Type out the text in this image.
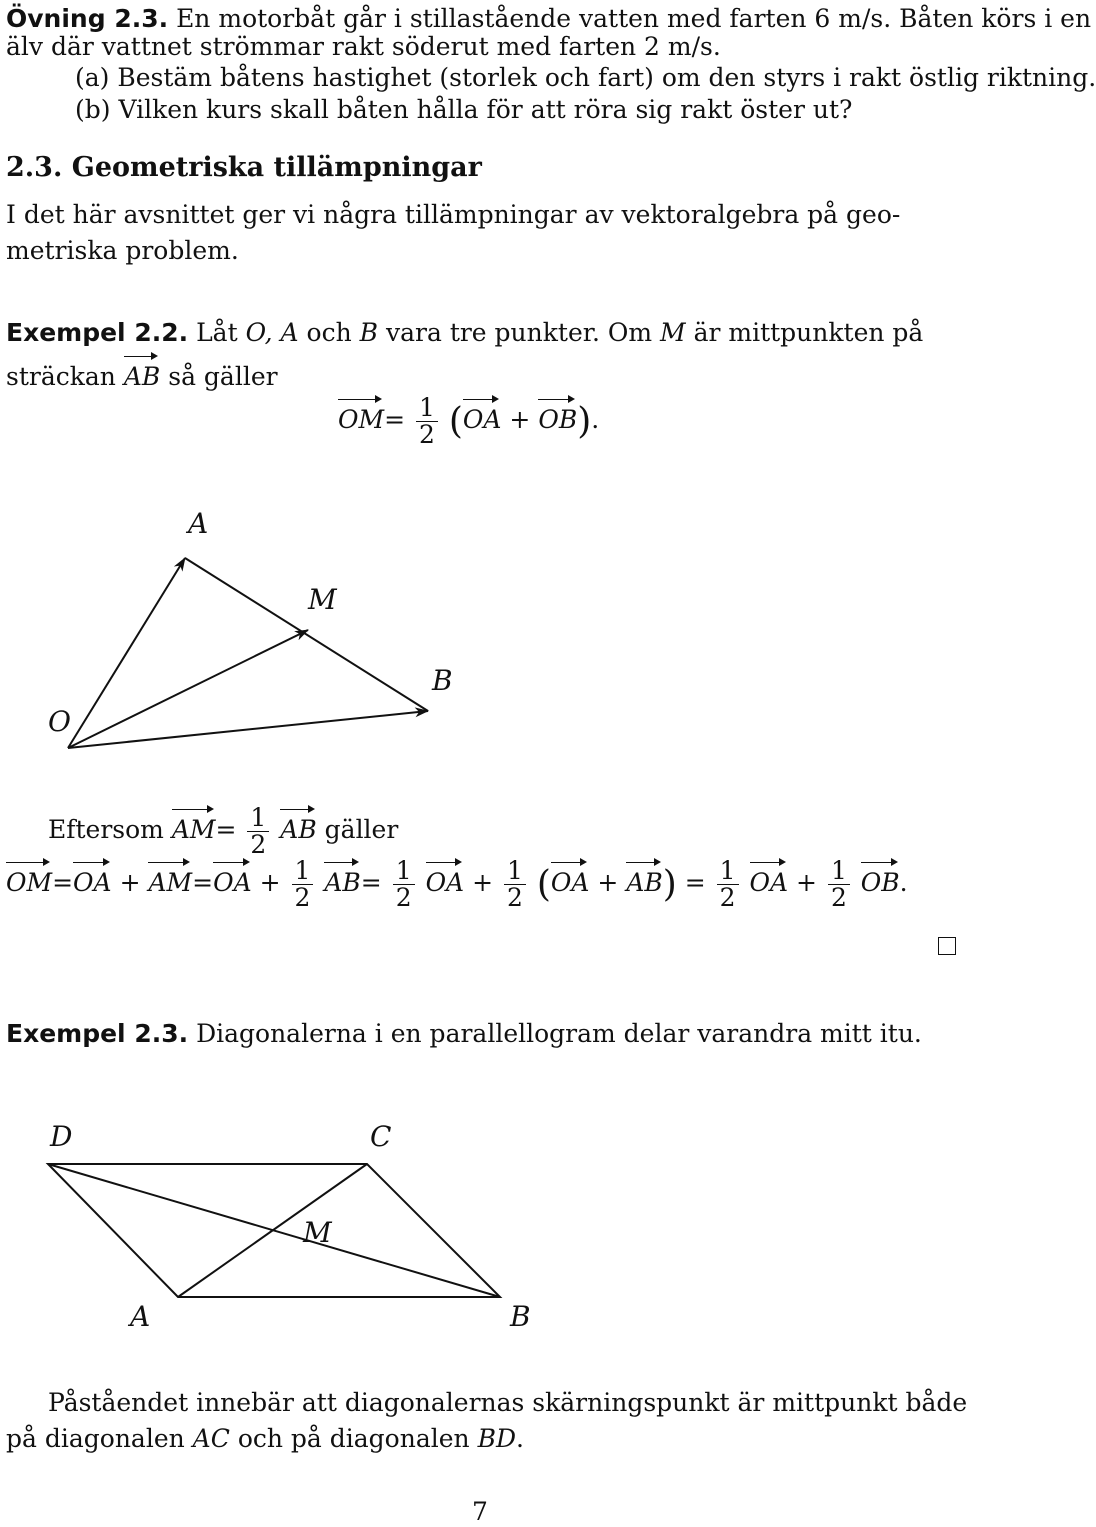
Övning 2.3. En motorbåt går i stillastående vatten med farten 6 m/s. Båten körs i en
älv där vattnet strömmar rakt söderut med farten 2 m/s.
(a) Bestäm båtens hastighet (storlek och fart) om den styrs i rakt östlig riktning.
(b) Vilken kurs skall båten hålla för att röra sig rakt öster ut?
2.3. Geometriska tillämpningar
I det här avsnittet ger vi några tillämpningar av vektoralgebra på geo-
metriska problem.
Exempel 2.2. Låt O, A och B vara tre punkter. Om M är mittpunkten på
sträckan AB så gäller
$OM= \frac{1}{2} (OA + OB)$.
A
M
B
O
Eftersom $AM= \frac{1}{2}$ AB gäller
$OM=OA + AM=OA + \frac{1}{2} AB= \frac{1}{2}$ OA + $\frac{1}{2} (OA + AB) = \frac{1}{2}$ OA + $\frac{1}{2}$ OB.
Exempel 2.3. Diagonalerna i en parallellogram delar varandra mitt itu.
D	C
M
A	B
Påståendet innebär att diagonalernas skärningspunkt är mittpunkt både
på diagonalen AC och på diagonalen BD.
7
